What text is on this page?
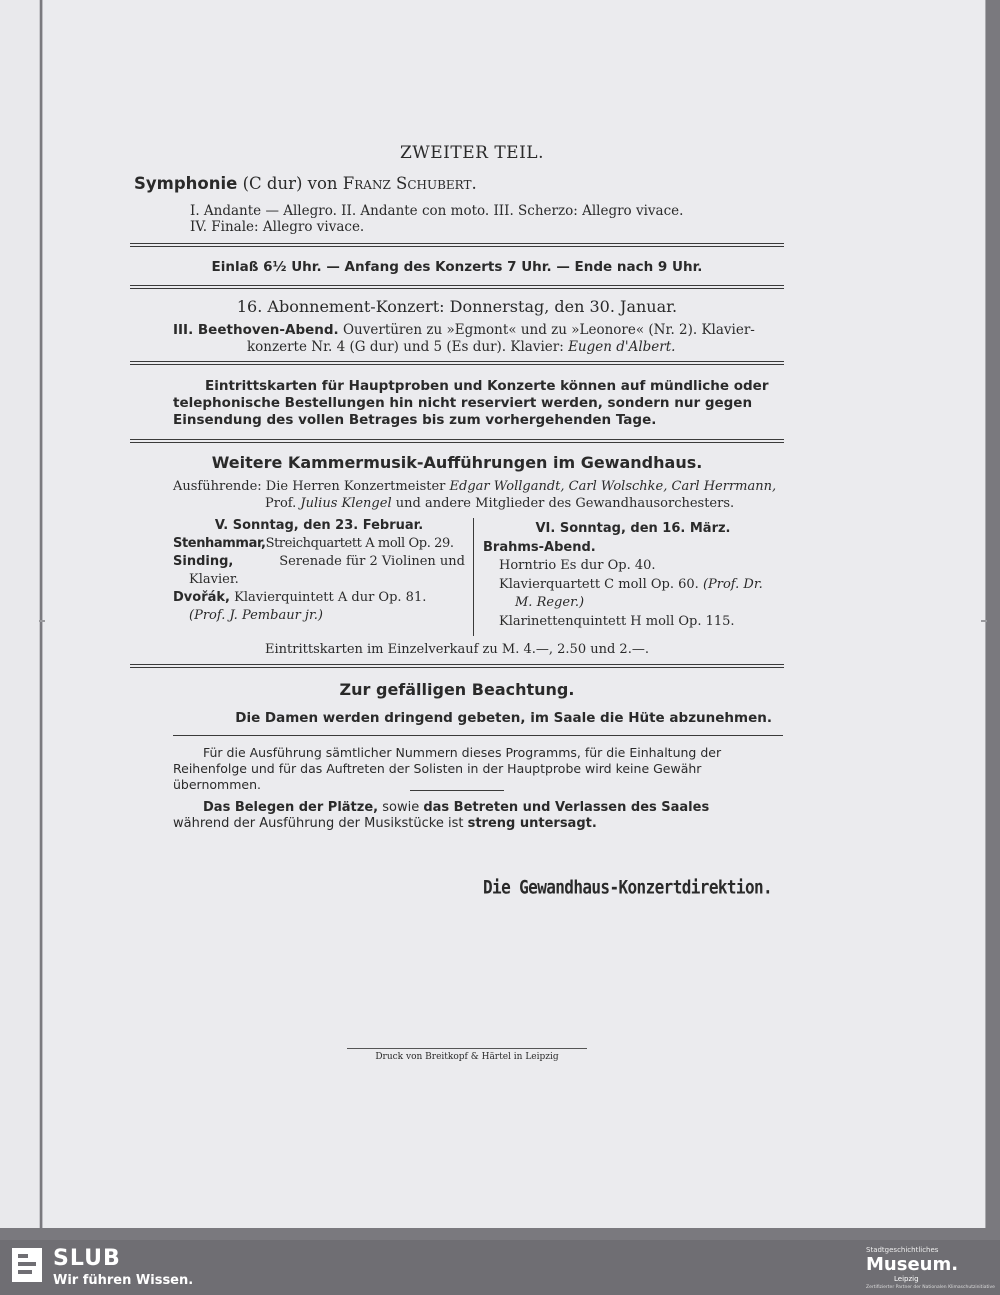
ZWEITER TEIL.
Symphonie (C dur) von Franz Schubert.
I. Andante — Allegro. II. Andante con moto. III. Scherzo: Allegro vivace.
IV. Finale: Allegro vivace.
Einlaß 6½ Uhr. — Anfang des Konzerts 7 Uhr. — Ende nach 9 Uhr.
16. Abonnement-Konzert: Donnerstag, den 30. Januar.
III. Beethoven-Abend. Ouvertüren zu »Egmont« und zu »Leonore« (Nr. 2). Klavier-
konzerte Nr. 4 (G dur) und 5 (Es dur). Klavier: Eugen d'Albert.
Eintrittskarten für Hauptproben und Konzerte können auf mündliche oder
telephonische Bestellungen hin nicht reserviert werden, sondern nur gegen
Einsendung des vollen Betrages bis zum vorhergehenden Tage.
Weitere Kammermusik-Aufführungen im Gewandhaus.
Ausführende: Die Herren Konzertmeister Edgar Wollgandt, Carl Wolschke, Carl Herrmann,
Prof. Julius Klengel und andere Mitglieder des Gewandhausorchesters.
V. Sonntag, den 23. Februar.
Stenhammar,Streichquartett A moll Op. 29.
Sinding,	Serenade für 2 Violinen und
Klavier.
Dvořák, Klavierquintett A dur Op. 81.
(Prof. J. Pembaur jr.)
VI. Sonntag, den 16. März.
Brahms-Abend.
Horntrio Es dur Op. 40.
Klavierquartett C moll Op. 60. (Prof. Dr.
M. Reger.)
Klarinettenquintett H moll Op. 115.
Eintrittskarten im Einzelverkauf zu M. 4.—, 2.50 und 2.—.
Zur gefälligen Beachtung.
Die Damen werden dringend gebeten, im Saale die Hüte abzunehmen.
Für die Ausführung sämtlicher Nummern dieses Programms, für die Einhaltung der
Reihenfolge und für das Auftreten der Solisten in der Hauptprobe wird keine Gewähr
übernommen.
Das Belegen der Plätze, sowie das Betreten und Verlassen des Saales
während der Ausführung der Musikstücke ist streng untersagt.
Die Gewandhaus-Konzertdirektion.
Druck von Breitkopf & Härtel in Leipzig
SLUB
Wir führen Wissen.
Stadtgeschichtliches
Museum.
Leipzig
Zertifizierter Partner der Nationalen Klimaschutzinitiative
